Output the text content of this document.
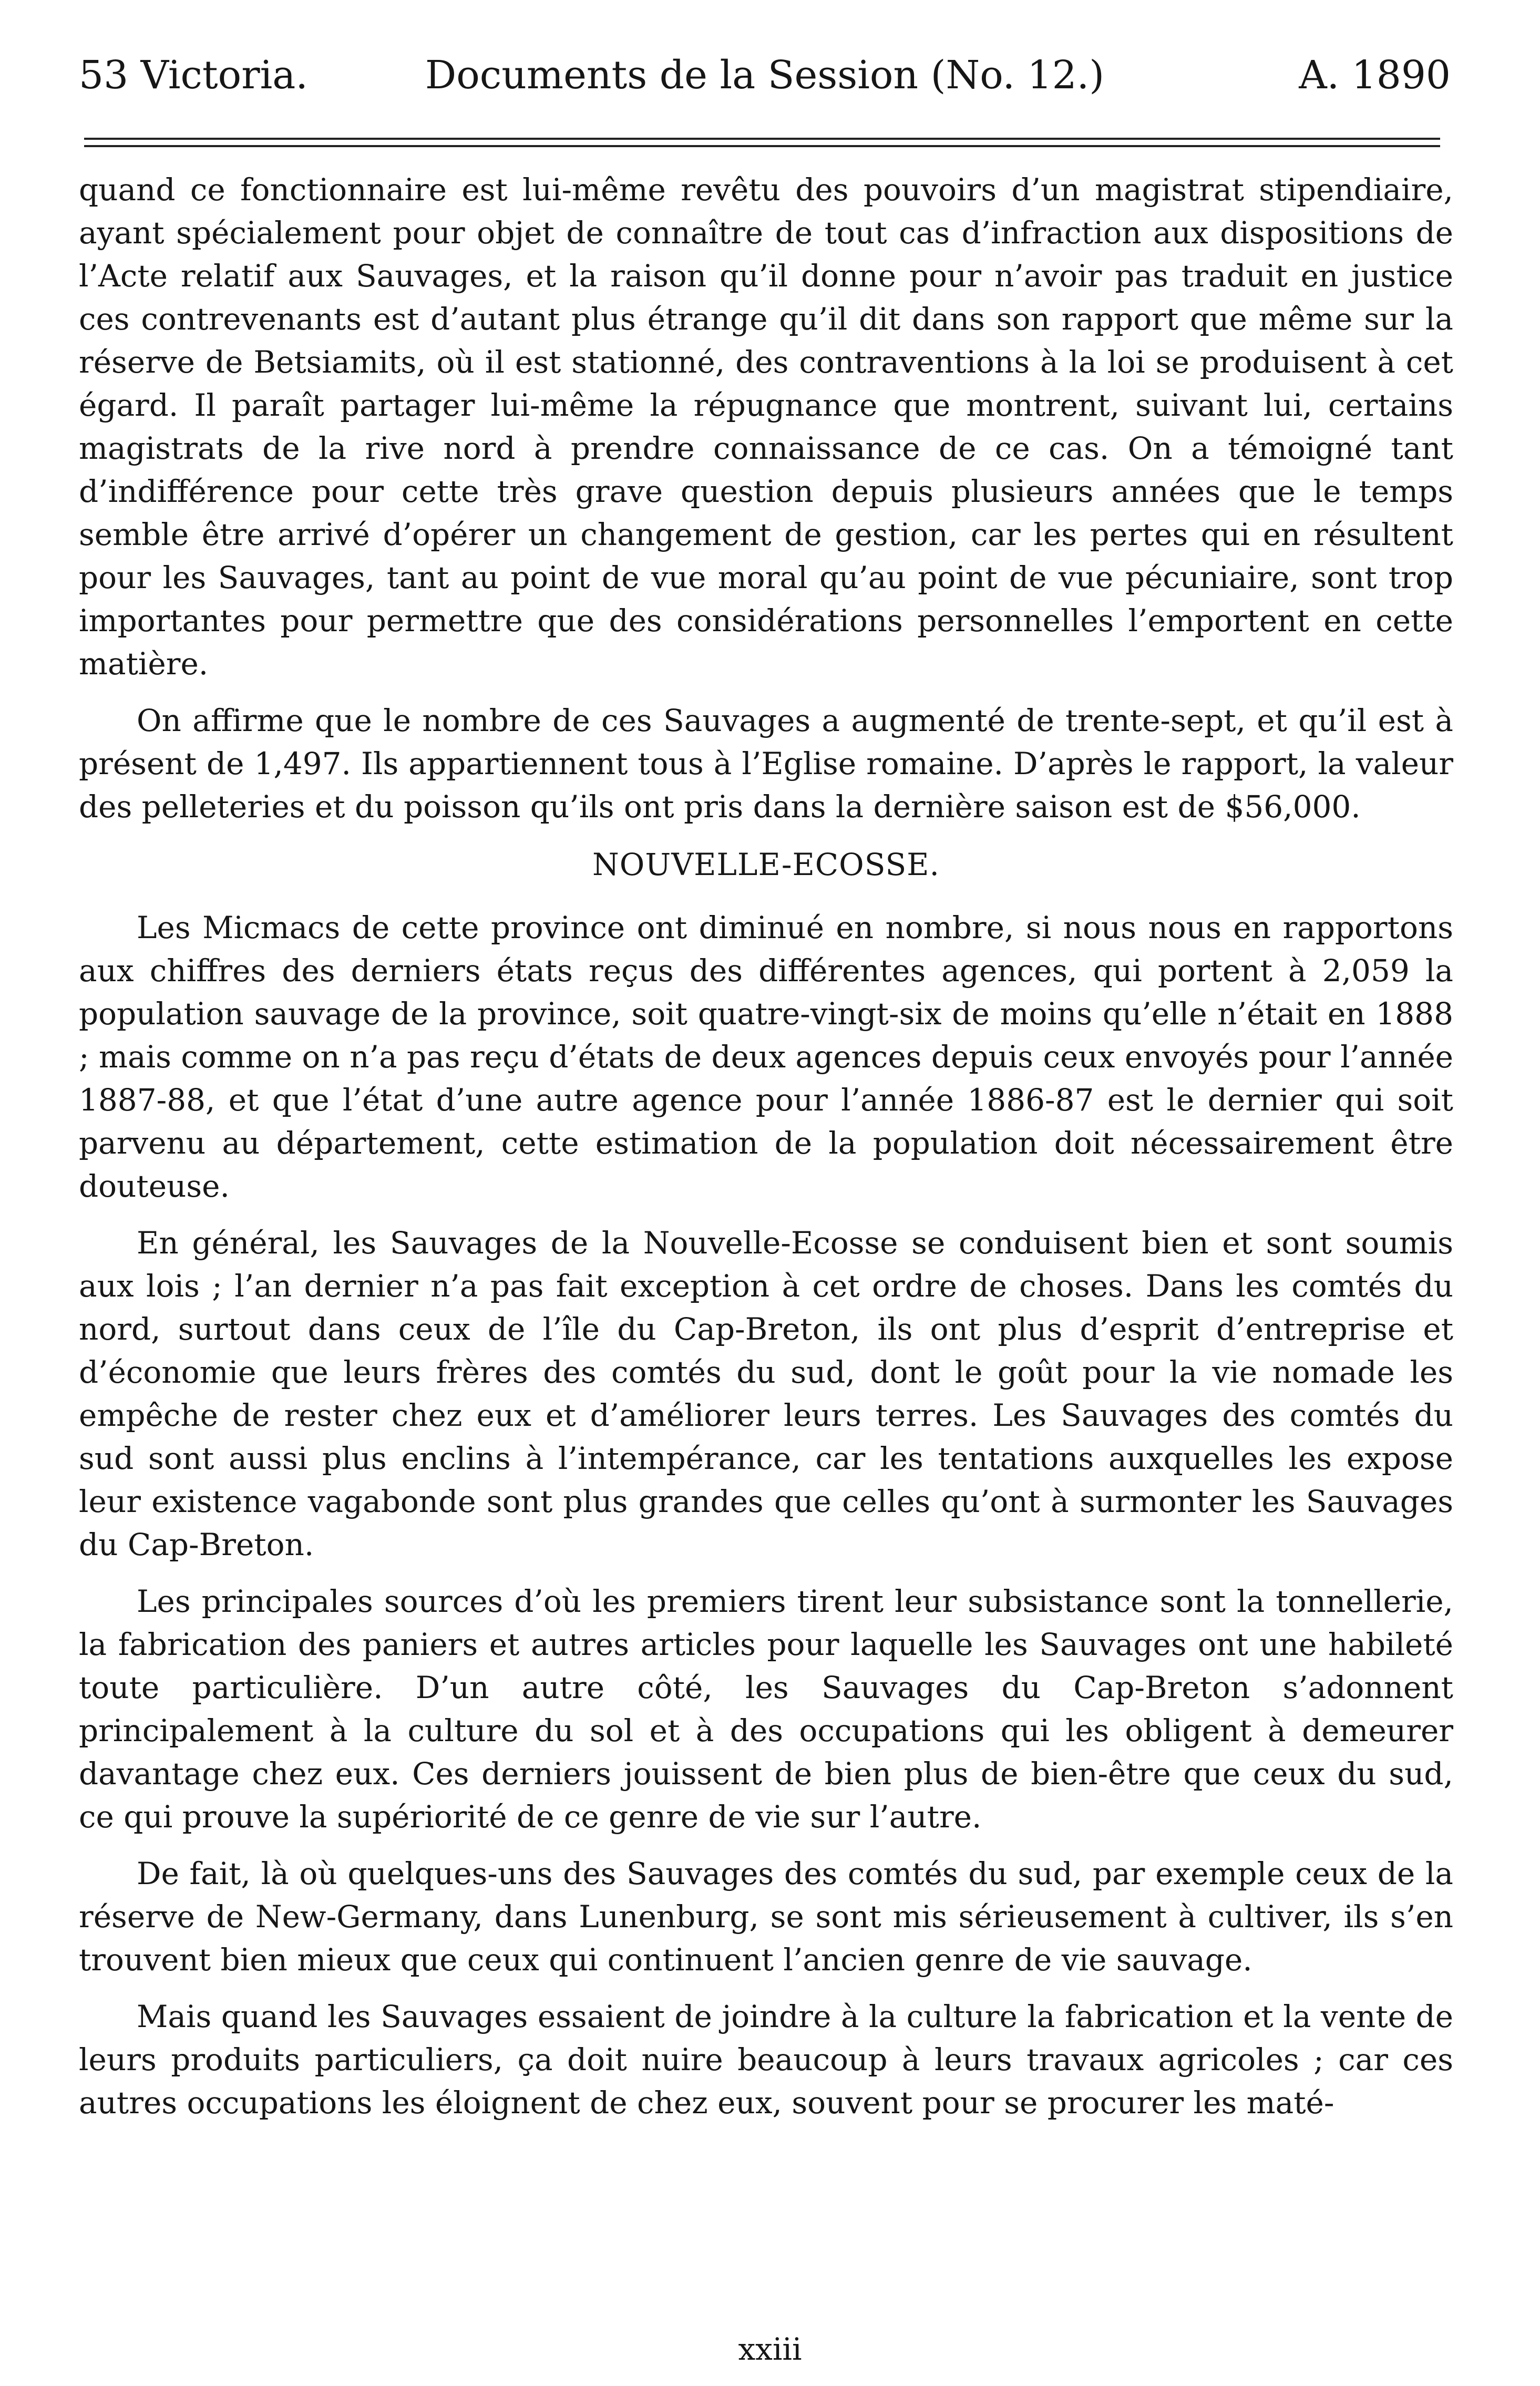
53 Victoria.	Documents de la Session (No. 12.)	A. 1890

quand ce fonctionnaire est lui-même revêtu des pouvoirs d’un magistrat stipendiaire, ayant spécialement pour objet de connaître de tout cas d’infraction aux dispositions de l’Acte relatif aux Sauvages, et la raison qu’il donne pour n’avoir pas traduit en justice ces contrevenants est d’autant plus étrange qu’il dit dans son rapport que même sur la réserve de Betsiamits, où il est stationné, des contraventions à la loi se produisent à cet égard. Il paraît partager lui-même la répugnance que montrent, suivant lui, certains magistrats de la rive nord à prendre connaissance de ce cas. On a témoigné tant d’indifférence pour cette très grave question depuis plusieurs années que le temps semble être arrivé d’opérer un changement de gestion, car les pertes qui en résultent pour les Sauvages, tant au point de vue moral qu’au point de vue pécuniaire, sont trop importantes pour permettre que des considérations personnelles l’emportent en cette matière.

On affirme que le nombre de ces Sauvages a augmenté de trente-sept, et qu’il est à présent de 1,497. Ils appartiennent tous à l’Eglise romaine. D’après le rapport, la valeur des pelleteries et du poisson qu’ils ont pris dans la dernière saison est de $56,000.

NOUVELLE-ECOSSE.

Les Micmacs de cette province ont diminué en nombre, si nous nous en rapportons aux chiffres des derniers états reçus des différentes agences, qui portent à 2,059 la population sauvage de la province, soit quatre-vingt-six de moins qu’elle n’était en 1888 ; mais comme on n’a pas reçu d’états de deux agences depuis ceux envoyés pour l’année 1887-88, et que l’état d’une autre agence pour l’année 1886-87 est le dernier qui soit parvenu au département, cette estimation de la population doit nécessairement être douteuse.

En général, les Sauvages de la Nouvelle-Ecosse se conduisent bien et sont soumis aux lois ; l’an dernier n’a pas fait exception à cet ordre de choses. Dans les comtés du nord, surtout dans ceux de l’île du Cap-Breton, ils ont plus d’esprit d’entreprise et d’économie que leurs frères des comtés du sud, dont le goût pour la vie nomade les empêche de rester chez eux et d’améliorer leurs terres. Les Sauvages des comtés du sud sont aussi plus enclins à l’intempérance, car les tentations auxquelles les expose leur existence vagabonde sont plus grandes que celles qu’ont à surmonter les Sauvages du Cap-Breton.

Les principales sources d’où les premiers tirent leur subsistance sont la tonnellerie, la fabrication des paniers et autres articles pour laquelle les Sauvages ont une habileté toute particulière. D’un autre côté, les Sauvages du Cap-Breton s’adonnent principalement à la culture du sol et à des occupations qui les obligent à demeurer davantage chez eux. Ces derniers jouissent de bien plus de bien-être que ceux du sud, ce qui prouve la supériorité de ce genre de vie sur l’autre.

De fait, là où quelques-uns des Sauvages des comtés du sud, par exemple ceux de la réserve de New-Germany, dans Lunenburg, se sont mis sérieusement à cultiver, ils s’en trouvent bien mieux que ceux qui continuent l’ancien genre de vie sauvage.

Mais quand les Sauvages essaient de joindre à la culture la fabrication et la vente de leurs produits particuliers, ça doit nuire beaucoup à leurs travaux agricoles ; car ces autres occupations les éloignent de chez eux, souvent pour se procurer les maté-

xxiii
